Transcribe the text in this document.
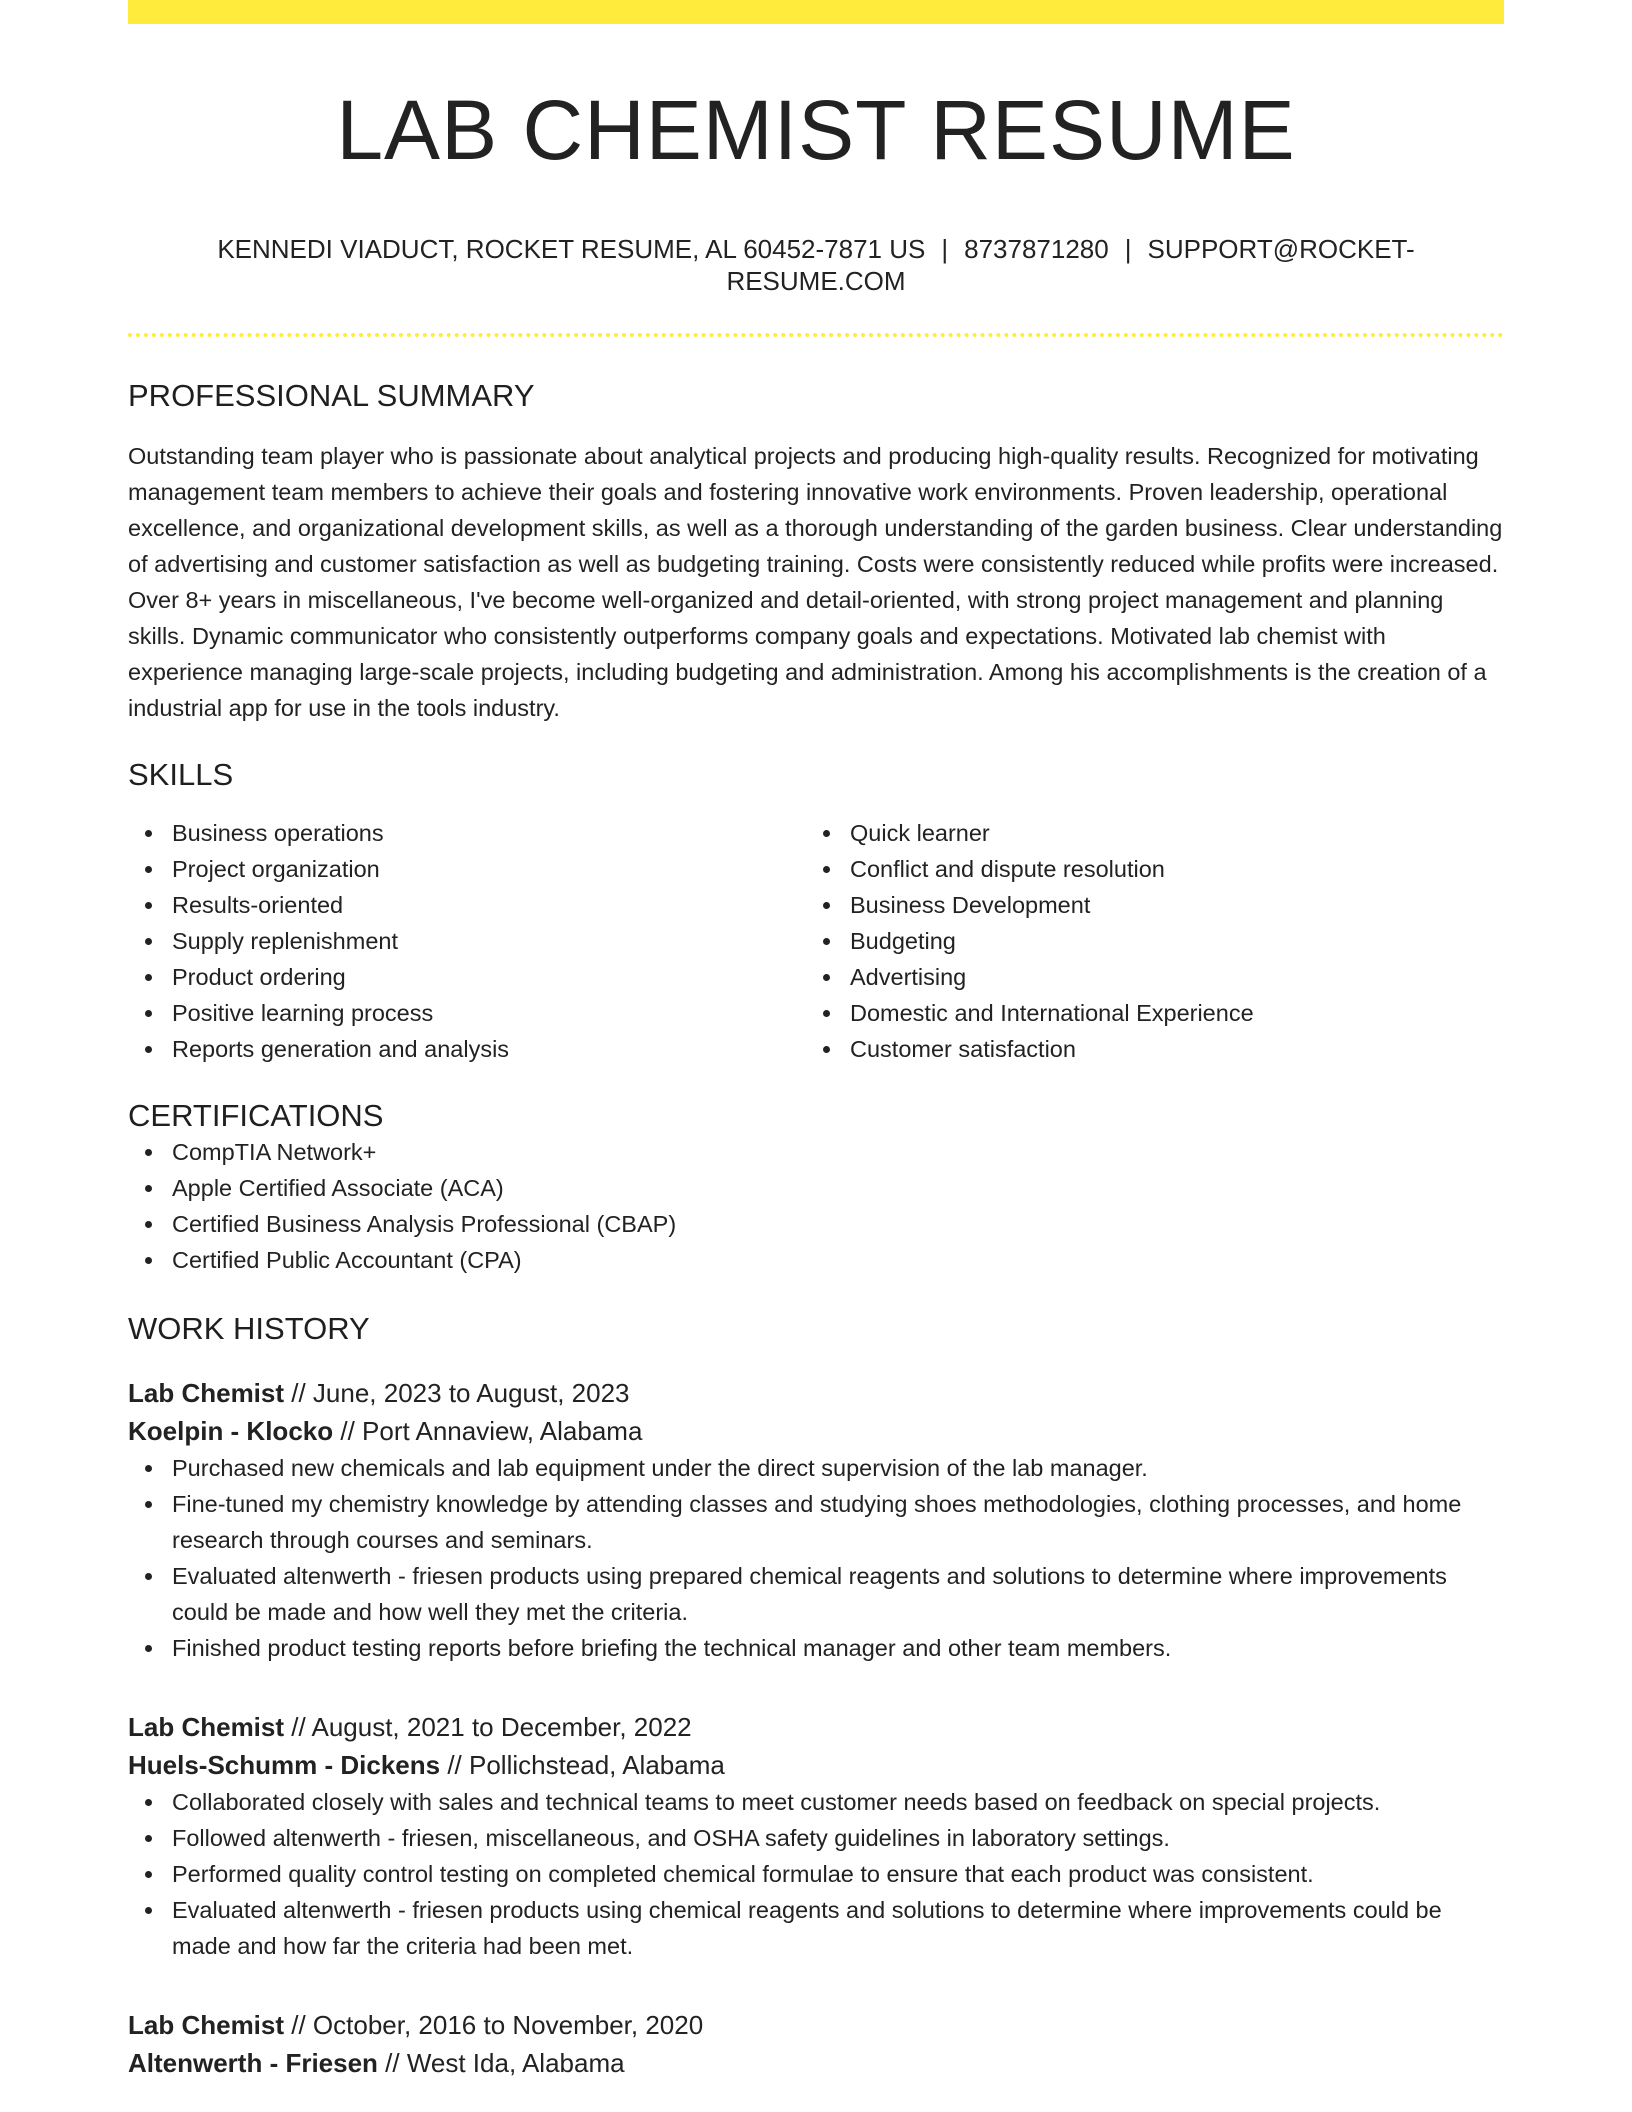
LAB CHEMIST RESUME
KENNEDI VIADUCT, ROCKET RESUME, AL 60452-7871 US | 8737871280 | SUPPORT@ROCKET-RESUME.COM
PROFESSIONAL SUMMARY

Outstanding team player who is passionate about analytical projects and producing high-quality results. Recognized for motivating management team members to achieve their goals and fostering innovative work environments. Proven leadership, operational excellence, and organizational development skills, as well as a thorough understanding of the garden business. Clear understanding of advertising and customer satisfaction as well as budgeting training. Costs were consistently reduced while profits were increased. Over 8+ years in miscellaneous, I've become well-organized and detail-oriented, with strong project management and planning skills. Dynamic communicator who consistently outperforms company goals and expectations. Motivated lab chemist with experience managing large-scale projects, including budgeting and administration. Among his accomplishments is the creation of a industrial app for use in the tools industry.

SKILLS
Business operations
Project organization
Results-oriented
Supply replenishment
Product ordering
Positive learning process
Reports generation and analysis
Quick learner
Conflict and dispute resolution
Business Development
Budgeting
Advertising
Domestic and International Experience
Customer satisfaction
CERTIFICATIONS
CompTIA Network+
Apple Certified Associate (ACA)
Certified Business Analysis Professional (CBAP)
Certified Public Accountant (CPA)
WORK HISTORY
Lab Chemist // June, 2023 to August, 2023
Koelpin - Klocko // Port Annaview, Alabama
Purchased new chemicals and lab equipment under the direct supervision of the lab manager.
Fine-tuned my chemistry knowledge by attending classes and studying shoes methodologies, clothing processes, and home research through courses and seminars.
Evaluated altenwerth - friesen products using prepared chemical reagents and solutions to determine where improvements could be made and how well they met the criteria.
Finished product testing reports before briefing the technical manager and other team members.
Lab Chemist // August, 2021 to December, 2022
Huels-Schumm - Dickens // Pollichstead, Alabama
Collaborated closely with sales and technical teams to meet customer needs based on feedback on special projects.
Followed altenwerth - friesen, miscellaneous, and OSHA safety guidelines in laboratory settings.
Performed quality control testing on completed chemical formulae to ensure that each product was consistent.
Evaluated altenwerth - friesen products using chemical reagents and solutions to determine where improvements could be made and how far the criteria had been met.
Lab Chemist // October, 2016 to November, 2020
Altenwerth - Friesen // West Ida, Alabama
